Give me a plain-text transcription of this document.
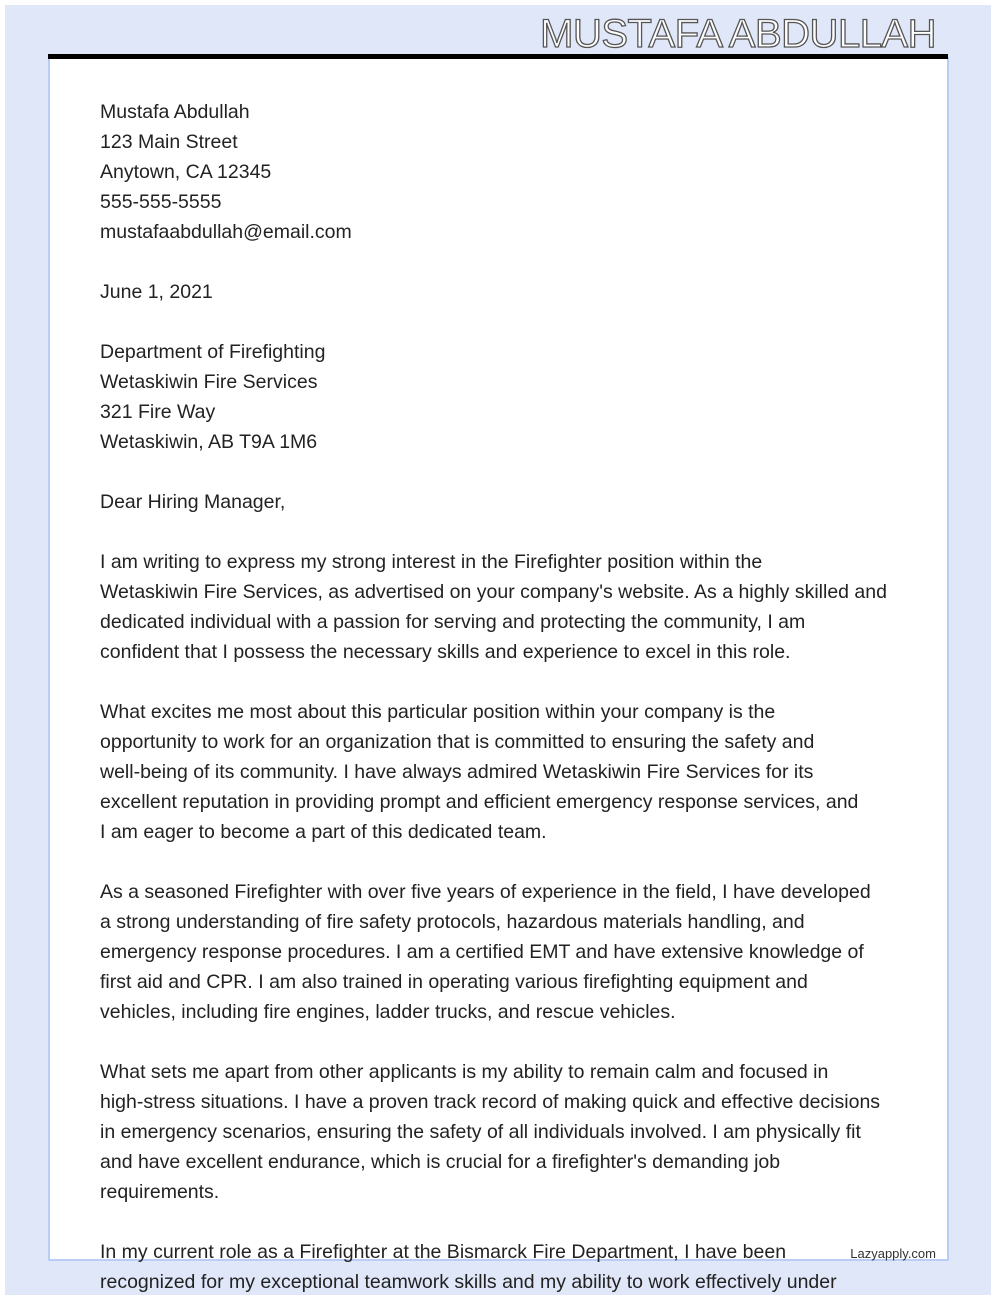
MUSTAFA ABDULLAH
Mustafa Abdullah
123 Main Street
Anytown, CA 12345
555-555-5555
mustafaabdullah@email.com
June 1, 2021
Department of Firefighting
Wetaskiwin Fire Services
321 Fire Way
Wetaskiwin, AB T9A 1M6
Dear Hiring Manager,
I am writing to express my strong interest in the Firefighter position within the
Wetaskiwin Fire Services, as advertised on your company's website. As a highly skilled and
dedicated individual with a passion for serving and protecting the community, I am
confident that I possess the necessary skills and experience to excel in this role.
What excites me most about this particular position within your company is the
opportunity to work for an organization that is committed to ensuring the safety and
well-being of its community. I have always admired Wetaskiwin Fire Services for its
excellent reputation in providing prompt and efficient emergency response services, and
I am eager to become a part of this dedicated team.
As a seasoned Firefighter with over five years of experience in the field, I have developed
a strong understanding of fire safety protocols, hazardous materials handling, and
emergency response procedures. I am a certified EMT and have extensive knowledge of
first aid and CPR. I am also trained in operating various firefighting equipment and
vehicles, including fire engines, ladder trucks, and rescue vehicles.
What sets me apart from other applicants is my ability to remain calm and focused in
high-stress situations. I have a proven track record of making quick and effective decisions
in emergency scenarios, ensuring the safety of all individuals involved. I am physically fit
and have excellent endurance, which is crucial for a firefighter's demanding job
requirements.
In my current role as a Firefighter at the Bismarck Fire Department, I have been
recognized for my exceptional teamwork skills and my ability to work effectively under
Lazyapply.com
